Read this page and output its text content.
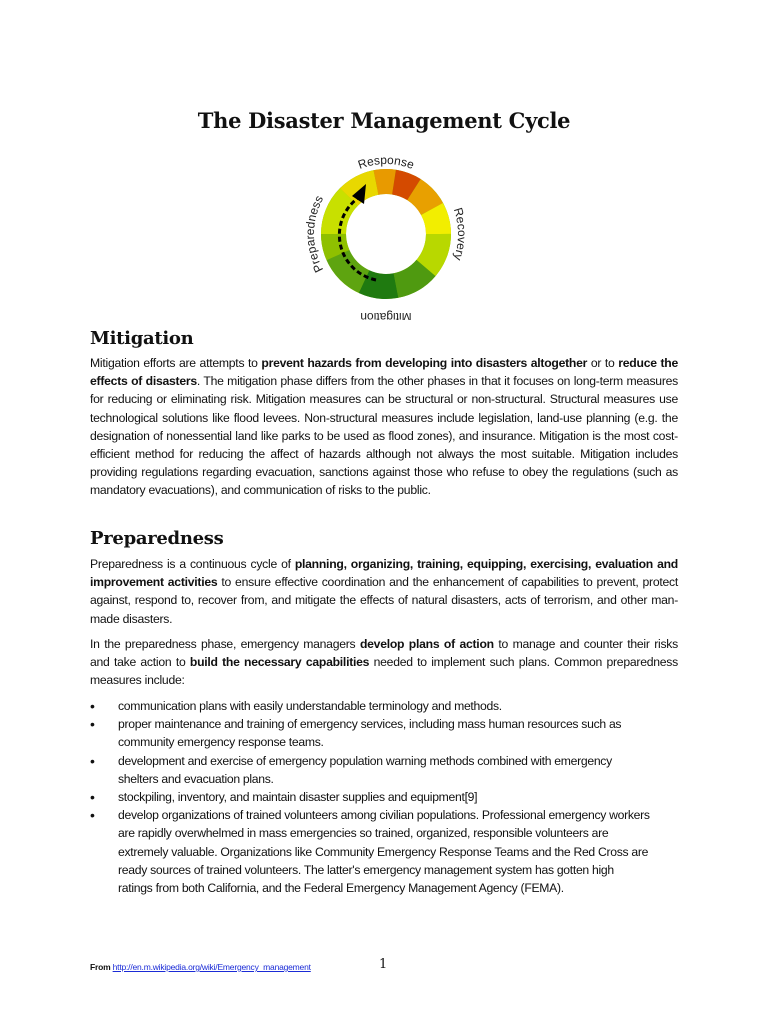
The Disaster Management Cycle
Response
Recovery
Preparedness
Mitigation
Mitigation
Mitigation efforts are attempts to prevent hazards from developing into disasters altogether or to reduce the effects of disasters. The mitigation phase differs from the other phases in that it focuses on long-term measures for reducing or eliminating risk. Mitigation measures can be structural or non-structural. Structural measures use technological solutions like flood levees. Non-structural measures include legislation, land-use planning (e.g. the designation of nonessential land like parks to be used as flood zones), and insurance. Mitigation is the most cost-efficient method for reducing the affect of hazards although not always the most suitable. Mitigation includes providing regulations regarding evacuation, sanctions against those who refuse to obey the regulations (such as mandatory evacuations), and communication of risks to the public.
Preparedness
Preparedness is a continuous cycle of planning, organizing, training, equipping, exercising, evaluation and improvement activities to ensure effective coordination and the enhancement of capabilities to prevent, protect against, respond to, recover from, and mitigate the effects of natural disasters, acts of terrorism, and other man-made disasters.
In the preparedness phase, emergency managers develop plans of action to manage and counter their risks and take action to build the necessary capabilities needed to implement such plans. Common preparedness measures include:
• communication plans with easily understandable terminology and methods.
• proper maintenance and training of emergency services, including mass human resources such as community emergency response teams.
• development and exercise of emergency population warning methods combined with emergency shelters and evacuation plans.
• stockpiling, inventory, and maintain disaster supplies and equipment[9]
• develop organizations of trained volunteers among civilian populations. Professional emergency workers are rapidly overwhelmed in mass emergencies so trained, organized, responsible volunteers are extremely valuable. Organizations like Community Emergency Response Teams and the Red Cross are ready sources of trained volunteers. The latter's emergency management system has gotten high ratings from both California, and the Federal Emergency Management Agency (FEMA).
From http://en.m.wikipedia.org/wiki/Emergency_management	1
